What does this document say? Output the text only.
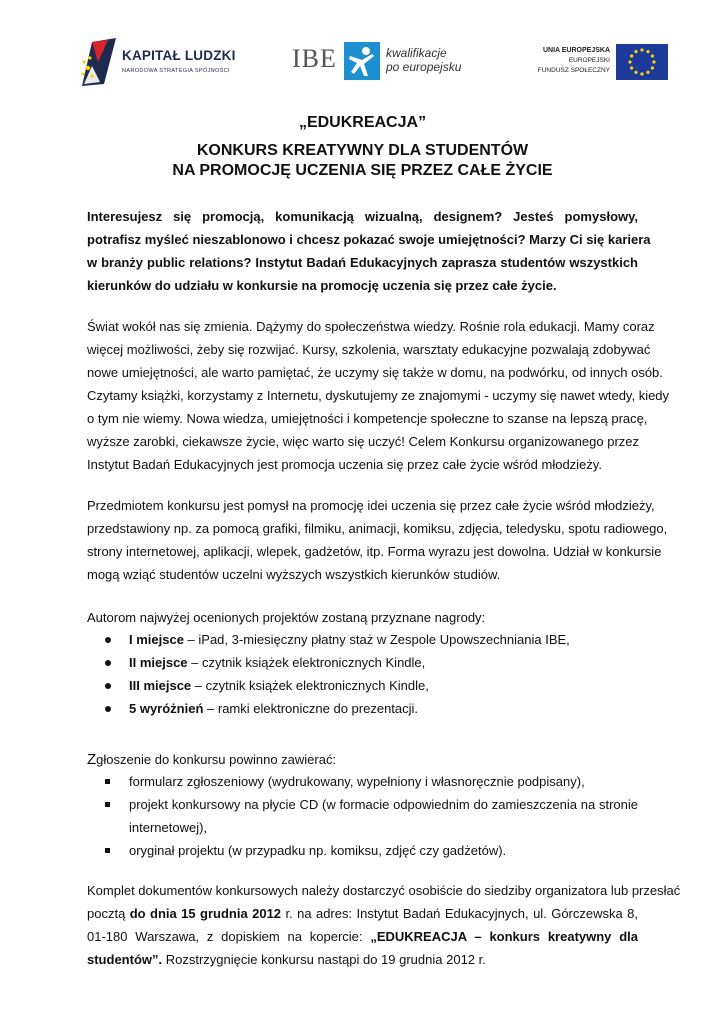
KAPITAŁ LUDZKI
NARODOWA STRATEGIA SPÓJNOŚCI IBE	kwalifikacje
po europejsku
UNIA EUROPEJSKA
EUROPEJSKI
FUNDUSZ SPOŁECZNY
„EDUKREACJA”
KONKURS KREATYWNY DLA STUDENTÓW
NA PROMOCJĘ UCZENIA SIĘ PRZEZ CAŁE ŻYCIE
Interesujesz się promocją, komunikacją wizualną, designem? Jesteś pomysłowy,
potrafisz myśleć nieszablonowo i chcesz pokazać swoje umiejętności? Marzy Ci się kariera
w branży public relations? Instytut Badań Edukacyjnych zaprasza studentów wszystkich
kierunków do udziału w konkursie na promocję uczenia się przez całe życie.
Świat wokół nas się zmienia. Dążymy do społeczeństwa wiedzy. Rośnie rola edukacji. Mamy coraz
więcej możliwości, żeby się rozwijać. Kursy, szkolenia, warsztaty edukacyjne pozwalają zdobywać
nowe umiejętności, ale warto pamiętać, że uczymy się także w domu, na podwórku, od innych osób.
Czytamy książki, korzystamy z Internetu, dyskutujemy ze znajomymi - uczymy się nawet wtedy, kiedy
o tym nie wiemy. Nowa wiedza, umiejętności i kompetencje społeczne to szanse na lepszą pracę,
wyższe zarobki, ciekawsze życie, więc warto się uczyć! Celem Konkursu organizowanego przez
Instytut Badań Edukacyjnych jest promocja uczenia się przez całe życie wśród młodzieży.
Przedmiotem konkursu jest pomysł na promocję idei uczenia się przez całe życie wśród młodzieży,
przedstawiony np. za pomocą grafiki, filmiku, animacji, komiksu, zdjęcia, teledysku, spotu radiowego,
strony internetowej, aplikacji, wlepek, gadżetów, itp. Forma wyrazu jest dowolna. Udział w konkursie
mogą wziąć studentów uczelni wyższych wszystkich kierunków studiów.
Autorom najwyżej ocenionych projektów zostaną przyznane nagrody:
I miejsce – iPad, 3-miesięczny płatny staż w Zespole Upowszechniania IBE,
II miejsce – czytnik książek elektronicznych Kindle,
III miejsce – czytnik książek elektronicznych Kindle,
5 wyróżnień – ramki elektroniczne do prezentacji.
Zgłoszenie do konkursu powinno zawierać:
formularz zgłoszeniowy (wydrukowany, wypełniony i własnoręcznie podpisany),
projekt konkursowy na płycie CD (w formacie odpowiednim do zamieszczenia na stronie
internetowej),
oryginał projektu (w przypadku np. komiksu, zdjęć czy gadżetów).
Komplet dokumentów konkursowych należy dostarczyć osobiście do siedziby organizatora lub przesłać
pocztą do dnia 15 grudnia 2012 r. na adres: Instytut Badań Edukacyjnych, ul. Górczewska 8,
01-180 Warszawa, z dopiskiem na kopercie: „EDUKREACJA – konkurs kreatywny dla
studentów”. Rozstrzygnięcie konkursu nastąpi do 19 grudnia 2012 r.
